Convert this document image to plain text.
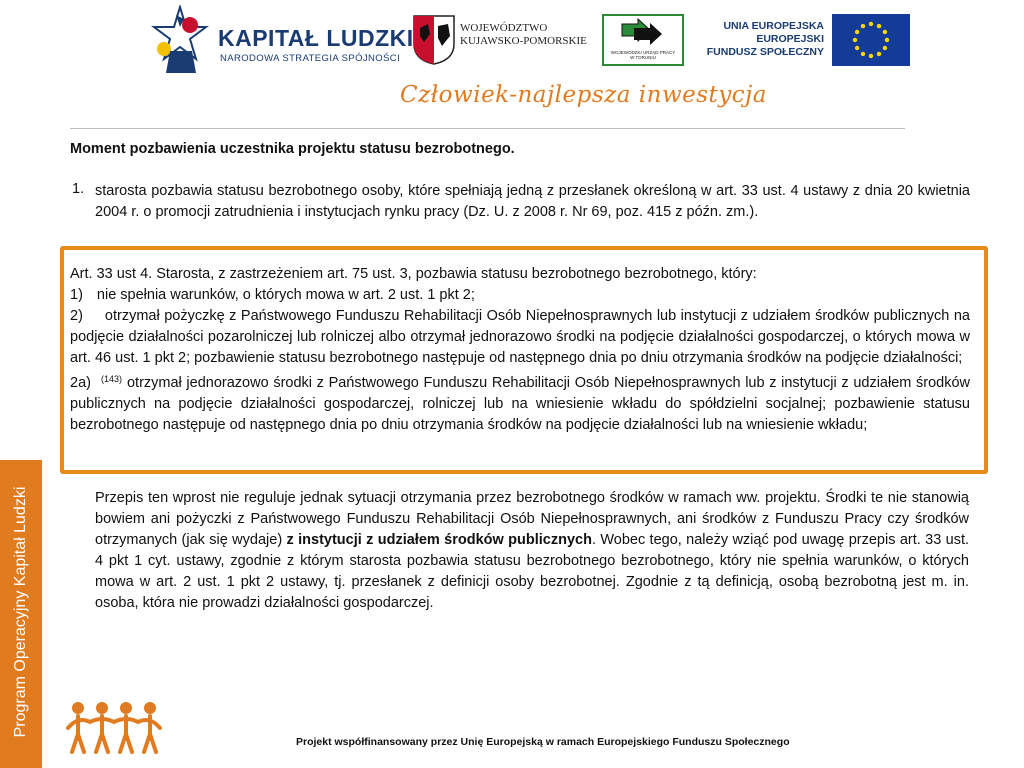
Program Operacyjny Kapitał Ludzki
KAPITAŁ LUDZKI
NARODOWA STRATEGIA SPÓJNOŚCI
WOJEWÓDZTWO
KUJAWSKO-POMORSKIE
WOJEWÓDZKI URZĄD PRACY
W TORUNIU
UNIA EUROPEJSKA
EUROPEJSKI
FUNDUSZ SPOŁECZNY
Człowiek-najlepsza inwestycja
Moment pozbawienia uczestnika projektu statusu bezrobotnego.
1. starosta pozbawia statusu bezrobotnego osoby, które spełniają jedną z przesłanek określoną w art. 33 ust. 4 ustawy z dnia 20 kwietnia 2004 r. o promocji zatrudnienia i instytucjach rynku pracy (Dz. U. z 2008 r. Nr 69, poz. 415 z późn. zm.).

Art. 33 ust 4. Starosta, z zastrzeżeniem art. 75 ust. 3, pozbawia statusu bezrobotnego bezrobotnego, który:

1) nie spełnia warunków, o których mowa w art. 2 ust. 1 pkt 2;

2) otrzymał pożyczkę z Państwowego Funduszu Rehabilitacji Osób Niepełnosprawnych lub instytucji z udziałem środków publicznych na podjęcie działalności pozarolniczej lub rolniczej albo otrzymał jednorazowo środki na podjęcie działalności gospodarczej, o których mowa w art. 46 ust. 1 pkt 2; pozbawienie statusu bezrobotnego następuje od następnego dnia po dniu otrzymania środków na podjęcie działalności;

2a) $^{(143)}$ otrzymał jednorazowo środki z Państwowego Funduszu Rehabilitacji Osób Niepełnosprawnych lub z instytucji z udziałem środków publicznych na podjęcie działalności gospodarczej, rolniczej lub na wniesienie wkładu do spółdzielni socjalnej; pozbawienie statusu bezrobotnego następuje od następnego dnia po dniu otrzymania środków na podjęcie działalności lub na wniesienie wkładu;

Przepis ten wprost nie reguluje jednak sytuacji otrzymania przez bezrobotnego środków w ramach ww. projektu. Środki te nie stanowią bowiem ani pożyczki z Państwowego Funduszu Rehabilitacji Osób Niepełnosprawnych, ani środków z Funduszu Pracy czy środków otrzymanych (jak się wydaje) z instytucji z udziałem środków publicznych. Wobec tego, należy wziąć pod uwagę przepis art. 33 ust. 4 pkt 1 cyt. ustawy, zgodnie z którym starosta pozbawia statusu bezrobotnego bezrobotnego, który nie spełnia warunków, o których mowa w art. 2 ust. 1 pkt 2 ustawy, tj. przesłanek z definicji osoby bezrobotnej. Zgodnie z tą definicją, osobą bezrobotną jest m. in. osoba, która nie prowadzi działalności gospodarczej.

Projekt współfinansowany przez Unię Europejską w ramach Europejskiego Funduszu Społecznego
